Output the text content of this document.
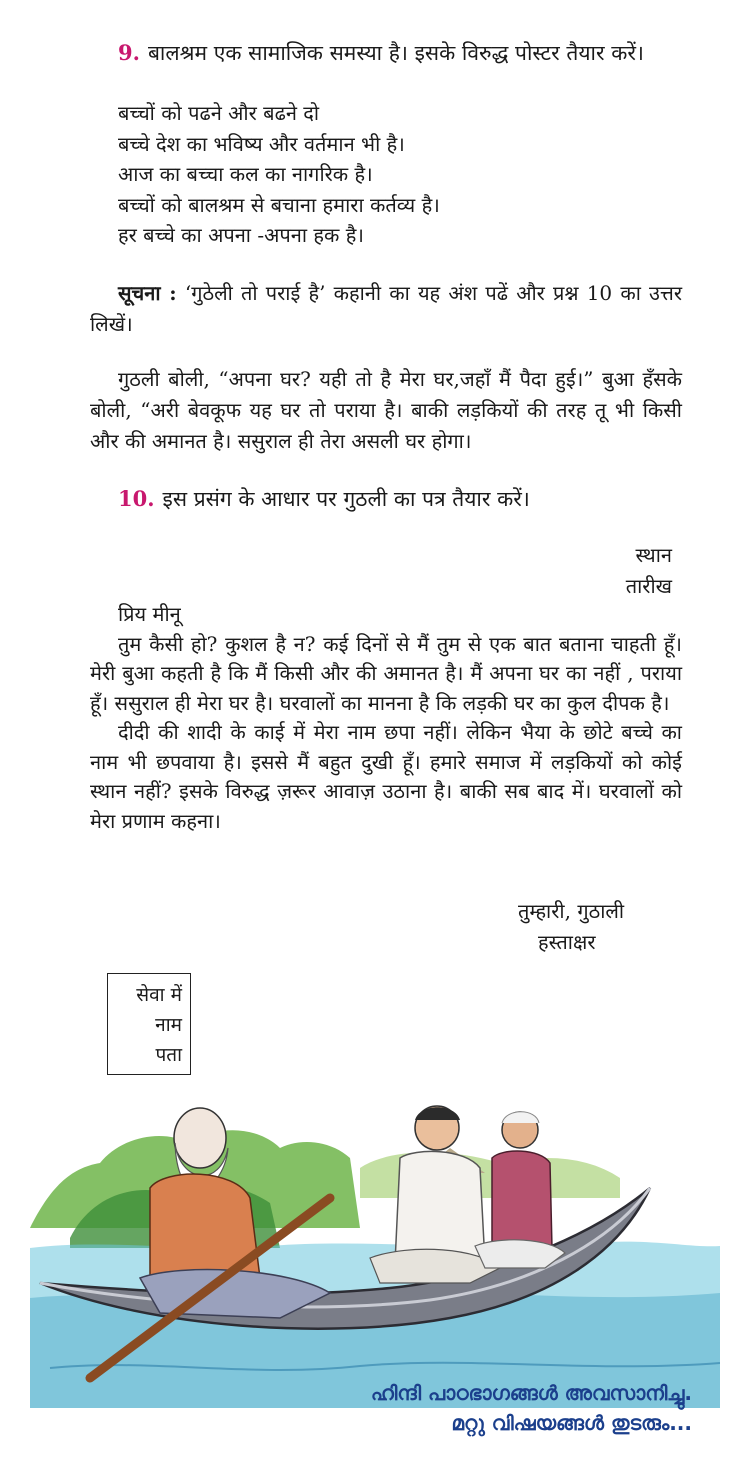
9. बालश्रम एक सामाजिक समस्या है। इसके विरुद्ध पोस्टर तैयार करें।
बच्चों को पढने और बढने दो
बच्चे देश का भविष्य और वर्तमान भी है।
आज का बच्चा कल का नागरिक है।
बच्चों को बालश्रम से बचाना हमारा कर्तव्य है।
हर बच्चे का अपना -अपना हक है।
सूचना : ‘गुठेली तो पराई है’ कहानी का यह अंश पढें और प्रश्न 10 का उत्तर लिखें।
गुठली बोली, “अपना घर? यही तो है मेरा घर,जहाँ मैं पैदा हुई।” बुआ हँसके बोली, “अरी बेवकूफ यह घर तो पराया है। बाकी लड़कियों की तरह तू भी किसी और की अमानत है। ससुराल ही तेरा असली घर होगा।
10. इस प्रसंग के आधार पर गुठली का पत्र तैयार करें।
स्थान
तारीख
प्रिय मीनू

तुम कैसी हो? कुशल है न? कई दिनों से मैं तुम से एक बात बताना चाहती हूँ। मेरी बुआ कहती है कि मैं किसी और की अमानत है। मैं अपना घर का नहीं , पराया हूँ। ससुराल ही मेरा घर है। घरवालों का मानना है कि लड़की घर का कुल दीपक है।

दीदी की शादी के काई में मेरा नाम छपा नहीं। लेकिन भैया के छोटे बच्चे का नाम भी छपवाया है। इससे मैं बहुत दुखी हूँ। हमारे समाज में लड़कियों को कोई स्थान नहीं? इसके विरुद्ध ज़रूर आवाज़ उठाना है। बाकी सब बाद में। घरवालों को मेरा प्रणाम कहना।

तुम्हारी, गुठाली
हस्ताक्षर
सेवा में
नाम
पता
ഹിന്ദി പാഠഭാഗങ്ങൾ അവസാനിച്ചു.
മറ്റു വിഷയങ്ങൾ തുടരും...
